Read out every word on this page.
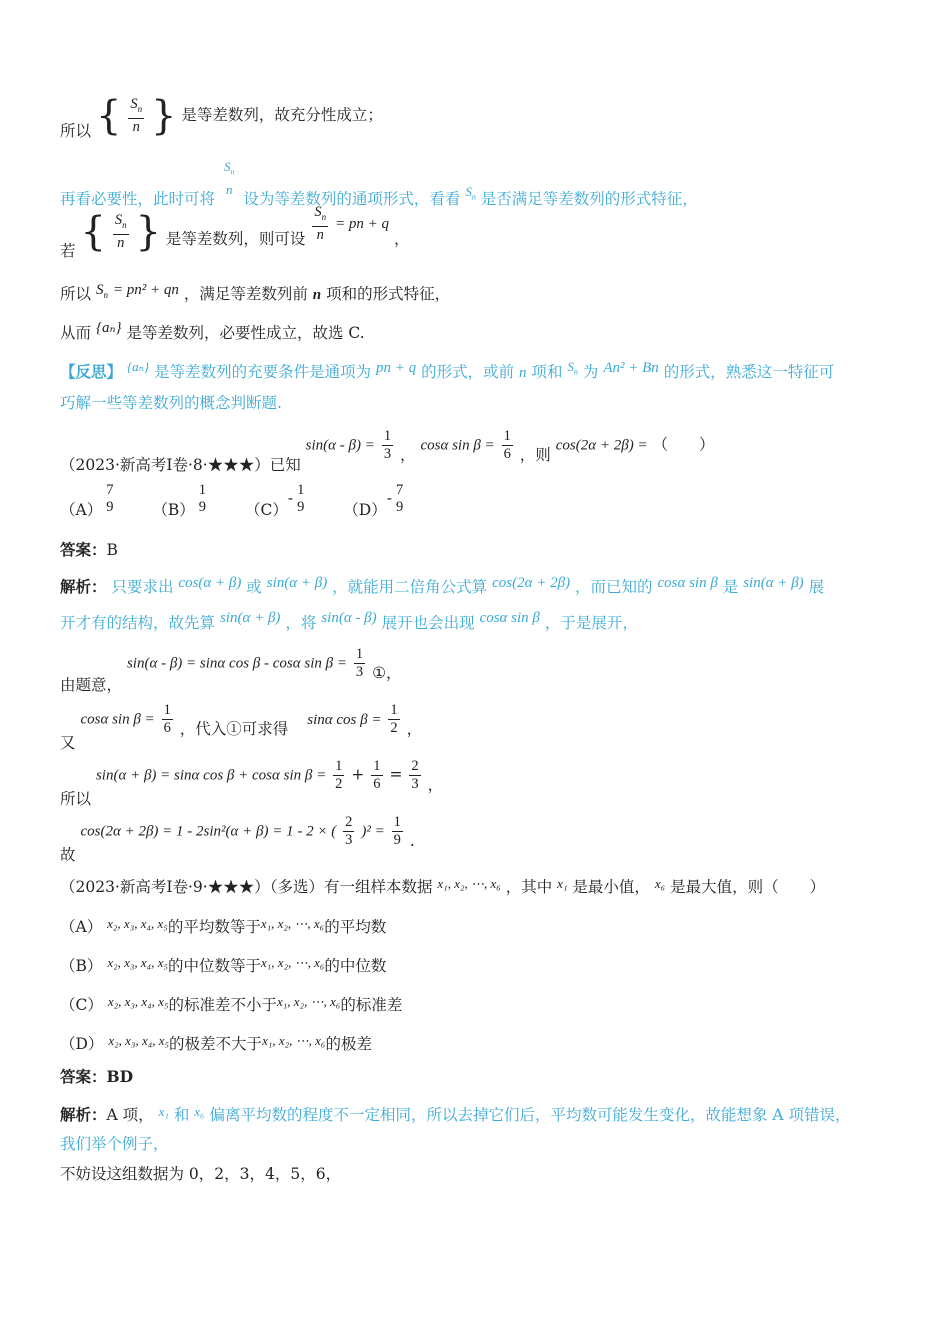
所以 { $\frac{S_n}{n}$ } 是等差数列，故充分性成立；
再看必要性，此时可将
$S_n$
n
设为等差数列的通项形式，看看 $_{S_n}$ 是否满足等差数列的形式特征，
若 { $\frac{S_n}{n}$ } 是等差数列，则可设 $\frac{S_n}{n}$ = pn + q ，
所以 $S_n = pn^2$ + qn ，满足等差数列前 n 项和的形式特征，
从而 {aₙ} 是等差数列，必要性成立，故选 C.
【反思】 $^{\{a_n\}}$ 是等差数列的充要条件是通项为 pn + q 的形式，或前 n 项和 $^{S_n}$ 为 An² + Bn 的形式，熟悉这一特征可
巧解一些等差数列的概念判断题.
（2023·新高考Ⅰ卷·8·★★★）已知 $\sin(\alpha - \beta) = \frac{1}{3}$ ， cosα $\sin \beta = \frac{1}{6}$ ，则 cos(2α + 2β) = （　　）
（A）
7
9	（B）
1
9	（C）- 1
9	（D）- 7
9
答案：B
解析： 只要求出 cos(α + β) 或 sin(α + β) ，就能用二倍角公式算 cos(2α + 2β) ，而已知的 cosα sin β 是 sin(α + β) 展
开才有的结构，故先算 sin(α + β) ，将 sin(α - β) 展开也会出现 cosα sin β ，于是展开，
由题意， sin(α - β) = sinα cos β - cosα $\sin \beta = \frac{1}{3}$ ①，
又 cosα $\sin \beta = \frac{1}{6}$ ，代入①可求得 sinα $\cos \beta = \frac{1}{2}$ ，
所以 sin(α + β) = sinα cos β + cosα $\sin \beta = \frac{1}{2} + \frac{1}{6} = \frac{2}{3}$ ，
故 cos(2α + 2β) = 1 - 2sin²(α + β) = 1 - 2 × ( $\frac{2}{3} )^2 = \frac{1}{9}$ .
（2023·新高考Ⅰ卷·9·★★★）（多选）有一组样本数据 $^{x_1, x_2, \cdots, x_6}$ ，其中 $^{x_1}$ 是最小值， $^{x_6}$ 是最大值，则（　　）
（A） $^{x_2, x_3, x_4, x_5}$的平均数等于$^{x_1, x_2, \cdots, x_6}$的平均数
（B） $^{x_2, x_3, x_4, x_5}$的中位数等于$^{x_1, x_2, \cdots, x_6}$的中位数
（C） $^{x_2, x_3, x_4, x_5}$的标准差不小于$^{x_1, x_2, \cdots, x_6}$的标准差
（D） $^{x_2, x_3, x_4, x_5}$的极差不大于$^{x_1, x_2, \cdots, x_6}$的极差
答案：BD
解析：A 项， $^{x_1}$ 和 $^{x_6}$ 偏离平均数的程度不一定相同，所以去掉它们后，平均数可能发生变化，故能想象 A 项错误，
我们举个例子，
不妨设这组数据为 0，2，3，4，5，6，
